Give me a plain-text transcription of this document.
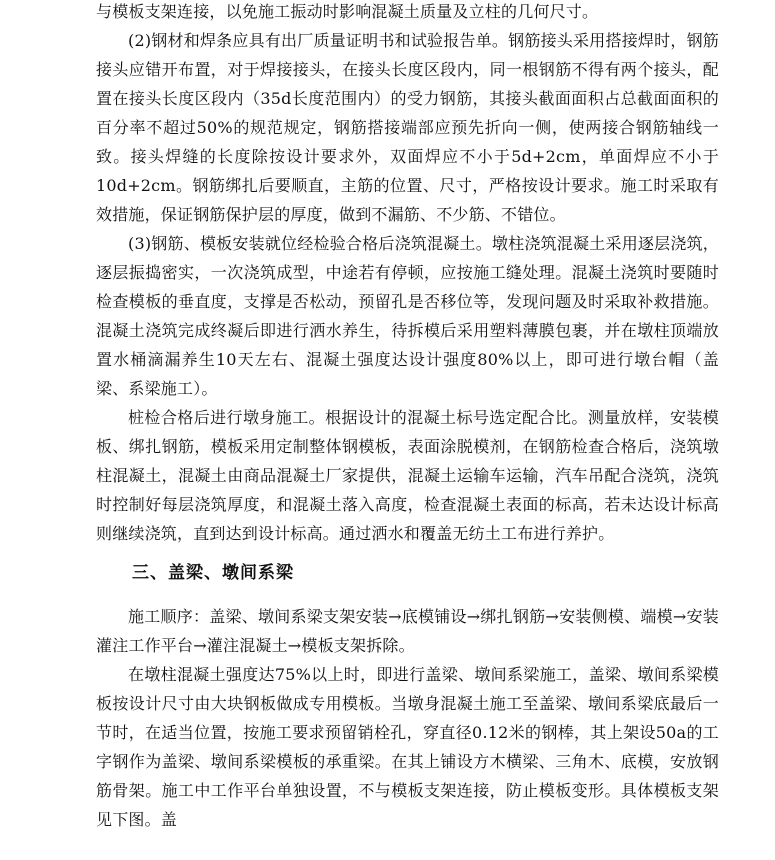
与模板支架连接，以免施工振动时影响混凝土质量及立柱的几何尺寸。

(2)钢材和焊条应具有出厂质量证明书和试验报告单。钢筋接头采用搭接焊时，钢筋接头应错开布置，对于焊接接头，在接头长度区段内，同一根钢筋不得有两个接头，配置在接头长度区段内（35d长度范围内）的受力钢筋，其接头截面面积占总截面面积的百分率不超过50%的规范规定，钢筋搭接端部应预先折向一侧，使两接合钢筋轴线一致。接头焊缝的长度除按设计要求外，双面焊应不小于5d+2cm，单面焊应不小于10d+2cm。钢筋绑扎后要顺直，主筋的位置、尺寸，严格按设计要求。施工时采取有效措施，保证钢筋保护层的厚度，做到不漏筋、不少筋、不错位。

(3)钢筋、模板安装就位经检验合格后浇筑混凝土。墩柱浇筑混凝土采用逐层浇筑，逐层振捣密实，一次浇筑成型，中途若有停顿，应按施工缝处理。混凝土浇筑时要随时检查模板的垂直度，支撑是否松动，预留孔是否移位等，发现问题及时采取补救措施。混凝土浇筑完成终凝后即进行洒水养生，待拆模后采用塑料薄膜包裹，并在墩柱顶端放置水桶滴漏养生10天左右、混凝土强度达设计强度80%以上，即可进行墩台帽（盖梁、系梁施工）。

桩检合格后进行墩身施工。根据设计的混凝土标号选定配合比。测量放样，安装模板、绑扎钢筋，模板采用定制整体钢模板，表面涂脱模剂，在钢筋检查合格后，浇筑墩柱混凝土，混凝土由商品混凝土厂家提供，混凝土运输车运输，汽车吊配合浇筑，浇筑时控制好每层浇筑厚度，和混凝土落入高度，检查混凝土表面的标高，若未达设计标高则继续浇筑，直到达到设计标高。通过洒水和覆盖无纺土工布进行养护。

三、盖梁、墩间系梁

施工顺序：盖梁、墩间系梁支架安装→底模铺设→绑扎钢筋→安装侧模、端模→安装灌注工作平台→灌注混凝土→模板支架拆除。

在墩柱混凝土强度达75%以上时，即进行盖梁、墩间系梁施工，盖梁、墩间系梁模板按设计尺寸由大块钢板做成专用模板。当墩身混凝土施工至盖梁、墩间系梁底最后一节时，在适当位置，按施工要求预留销栓孔，穿直径0.12米的钢棒，其上架设50a的工字钢作为盖梁、墩间系梁模板的承重梁。在其上铺设方木横梁、三角木、底模，安放钢筋骨架。施工中工作平台单独设置，不与模板支架连接，防止模板变形。具体模板支架见下图。盖
